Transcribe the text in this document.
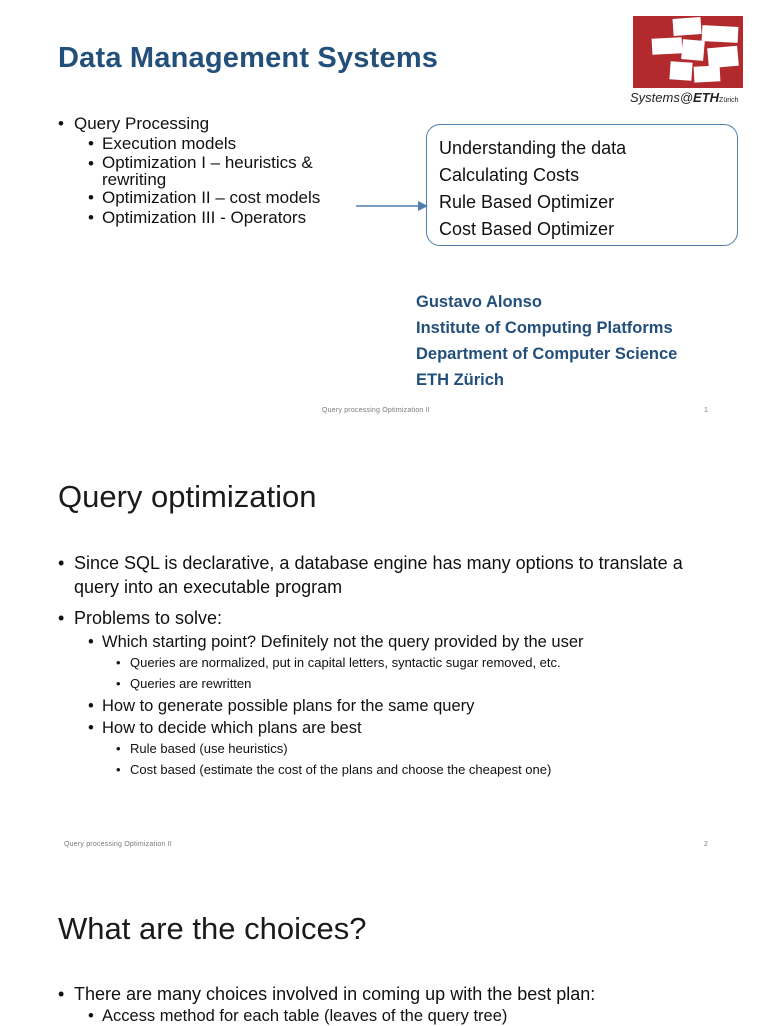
Data Management Systems
Systems@ETHZürich
• Query Processing
• Execution models
• Optimization I – heuristics &
rewriting
• Optimization II – cost models
• Optimization III - Operators
Understanding the data
Calculating Costs
Rule Based Optimizer
Cost Based Optimizer
Gustavo Alonso
Institute of Computing Platforms
Department of Computer Science
ETH Zürich
Query processing Optimization II	1
Query optimization
• Since SQL is declarative, a database engine has many options to translate a query into an executable program
• Problems to solve:
• Which starting point? Definitely not the query provided by the user
• Queries are normalized, put in capital letters, syntactic sugar removed, etc.
• Queries are rewritten
• How to generate possible plans for the same query
• How to decide which plans are best
• Rule based (use heuristics)
• Cost based (estimate the cost of the plans and choose the cheapest one)
Query processing Optimization II	2
What are the choices?
• There are many choices involved in coming up with the best plan:
• Access method for each table (leaves of the query tree)
